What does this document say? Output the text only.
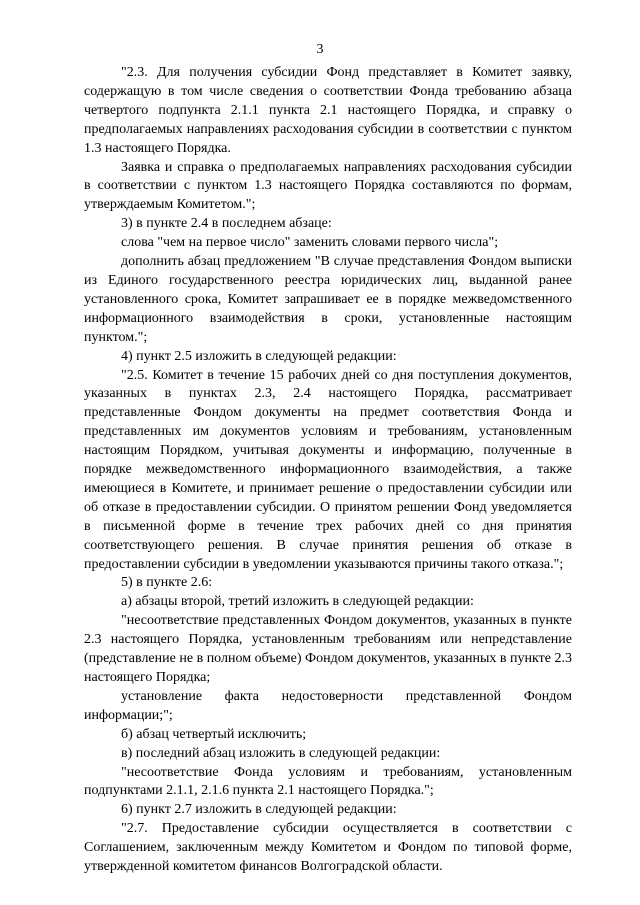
3

"2.3. Для получения субсидии Фонд представляет в Комитет заявку, содержащую в том числе сведения о соответствии Фонда требованию абзаца четвертого подпункта 2.1.1 пункта 2.1 настоящего Порядка, и справку о предполагаемых направлениях расходования субсидии в соответствии с пунктом 1.3 настоящего Порядка.

Заявка и справка о предполагаемых направлениях расходования субсидии в соответствии с пунктом 1.3 настоящего Порядка составляются по формам, утверждаемым Комитетом.";

3) в пункте 2.4 в последнем абзаце:

слова "чем на первое число" заменить словами первого числа";

дополнить абзац предложением "В случае представления Фондом выписки из Единого государственного реестра юридических лиц, выданной ранее установленного срока, Комитет запрашивает ее в порядке межведомственного информационного взаимодействия в сроки, установленные настоящим пунктом.";

4) пункт 2.5 изложить в следующей редакции:

"2.5. Комитет в течение 15 рабочих дней со дня поступления документов, указанных в пунктах 2.3, 2.4 настоящего Порядка, рассматривает представленные Фондом документы на предмет соответствия Фонда и представленных им документов условиям и требованиям, установленным настоящим Порядком, учитывая документы и информацию, полученные в порядке межведомственного информационного взаимодействия, а также имеющиеся в Комитете, и принимает решение о предоставлении субсидии или об отказе в предоставлении субсидии. О принятом решении Фонд уведомляется в письменной форме в течение трех рабочих дней со дня принятия соответствующего решения. В случае принятия решения об отказе в предоставлении субсидии в уведомлении указываются причины такого отказа.";

5) в пункте 2.6:

а) абзацы второй, третий изложить в следующей редакции:

"несоответствие представленных Фондом документов, указанных в пункте 2.3 настоящего Порядка, установленным требованиям или непредставление (представление не в полном объеме) Фондом документов, указанных в пункте 2.3 настоящего Порядка;

установление факта недостоверности представленной Фондом информации;";

б) абзац четвертый исключить;

в) последний абзац изложить в следующей редакции:

"несоответствие Фонда условиям и требованиям, установленным подпунктами 2.1.1, 2.1.6 пункта 2.1 настоящего Порядка.";

6) пункт 2.7 изложить в следующей редакции:

"2.7. Предоставление субсидии осуществляется в соответствии с Соглашением, заключенным между Комитетом и Фондом по типовой форме, утвержденной комитетом финансов Волгоградской области.
